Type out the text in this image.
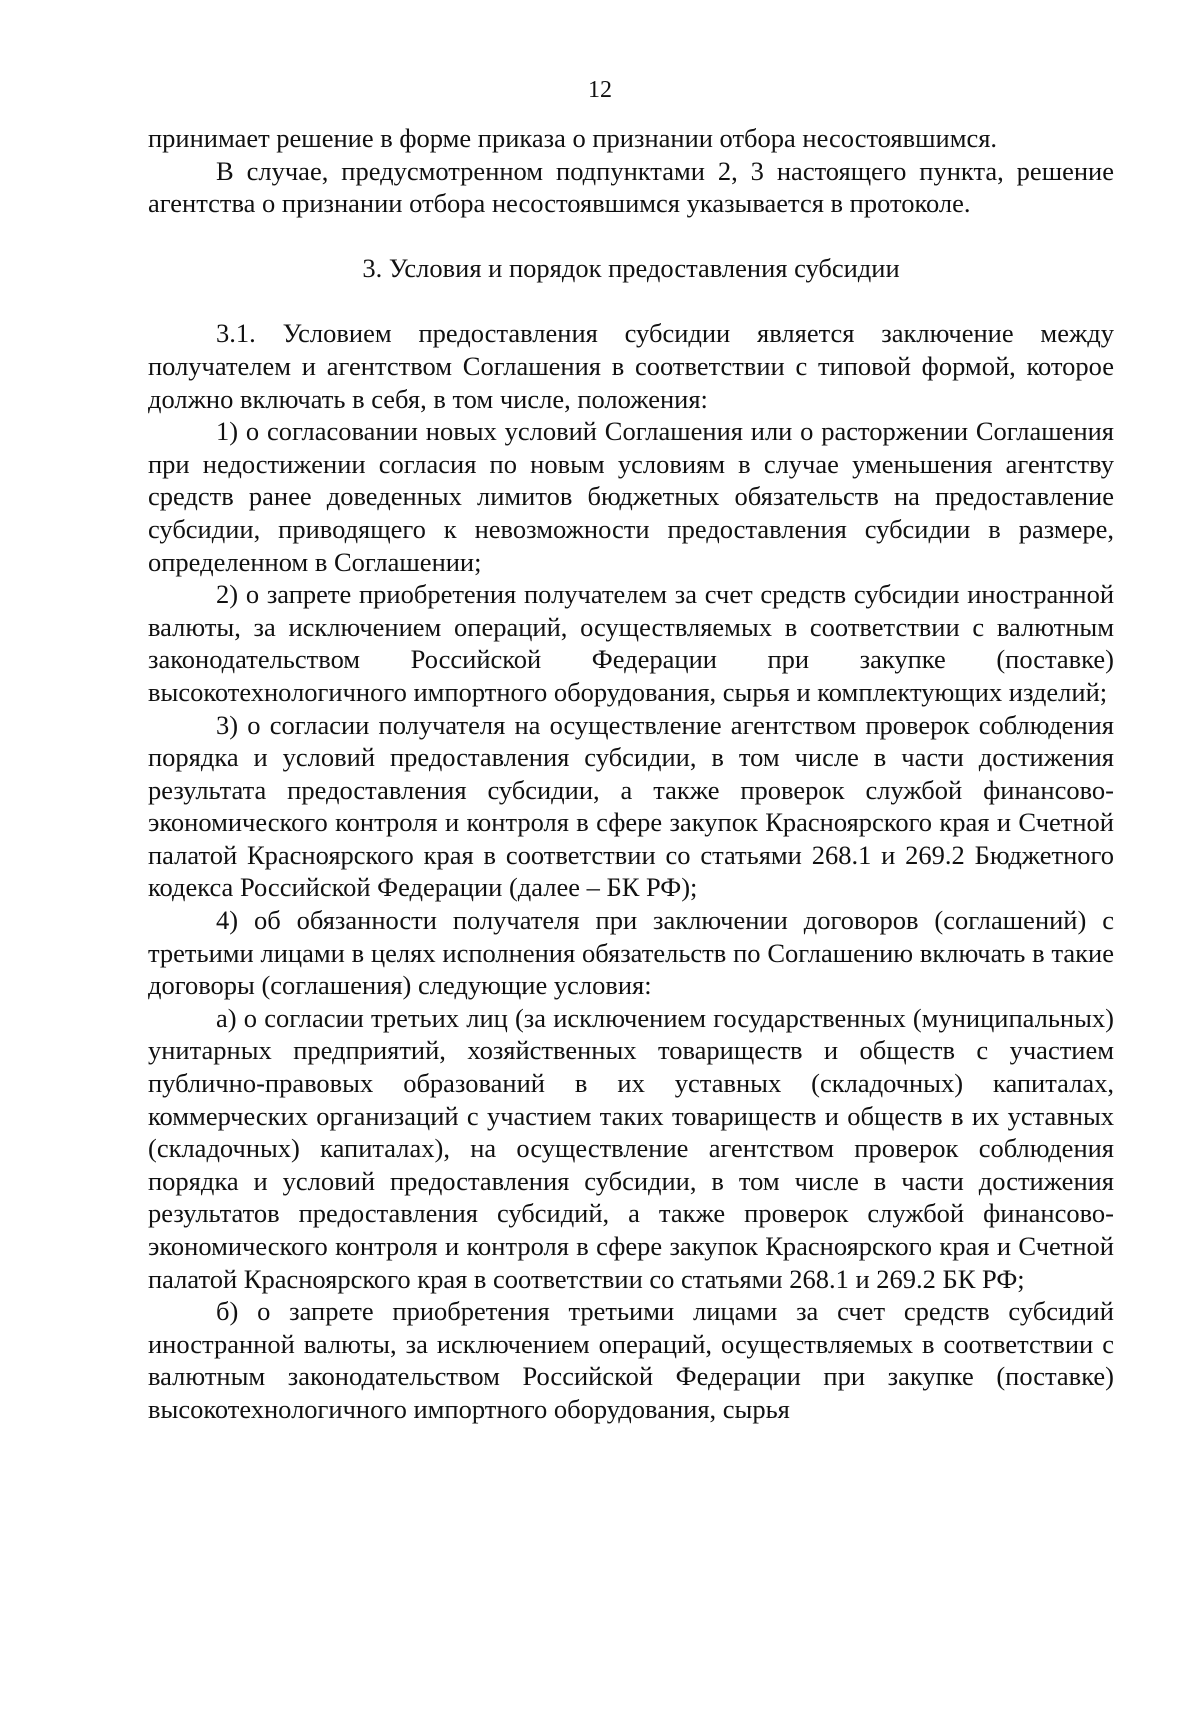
12

принимает решение в форме приказа о признании отбора несостоявшимся.

В случае, предусмотренном подпунктами 2, 3 настоящего пункта, решение агентства о признании отбора несостоявшимся указывается в протоколе.

3. Условия и порядок предоставления субсидии

3.1. Условием предоставления субсидии является заключение между получателем и агентством Соглашения в соответствии с типовой формой, которое должно включать в себя, в том числе, положения:

1) о согласовании новых условий Соглашения или о расторжении Соглашения при недостижении согласия по новым условиям в случае уменьшения агентству средств ранее доведенных лимитов бюджетных обязательств на предоставление субсидии, приводящего к невозможности предоставления субсидии в размере, определенном в Соглашении;

2) о запрете приобретения получателем за счет средств субсидии иностранной валюты, за исключением операций, осуществляемых в соответствии с валютным законодательством Российской Федерации при закупке (поставке) высокотехнологичного импортного оборудования, сырья и комплектующих изделий;

3) о согласии получателя на осуществление агентством проверок соблюдения порядка и условий предоставления субсидии, в том числе в части достижения результата предоставления субсидии, а также проверок службой финансово-экономического контроля и контроля в сфере закупок Красноярского края и Счетной палатой Красноярского края в соответствии со статьями 268.1 и 269.2 Бюджетного кодекса Российской Федерации (далее – БК РФ);

4) об обязанности получателя при заключении договоров (соглашений) с третьими лицами в целях исполнения обязательств по Соглашению включать в такие договоры (соглашения) следующие условия:

а) о согласии третьих лиц (за исключением государственных (муниципальных) унитарных предприятий, хозяйственных товариществ и обществ с участием публично-правовых образований в их уставных (складочных) капиталах, коммерческих организаций с участием таких товариществ и обществ в их уставных (складочных) капиталах), на осуществление агентством проверок соблюдения порядка и условий предоставления субсидии, в том числе в части достижения результатов предоставления субсидий, а также проверок службой финансово-экономического контроля и контроля в сфере закупок Красноярского края и Счетной палатой Красноярского края в соответствии со статьями 268.1 и 269.2 БК РФ;

б) о запрете приобретения третьими лицами за счет средств субсидий иностранной валюты, за исключением операций, осуществляемых в соответствии с валютным законодательством Российской Федерации при закупке (поставке) высокотехнологичного импортного оборудования, сырья
